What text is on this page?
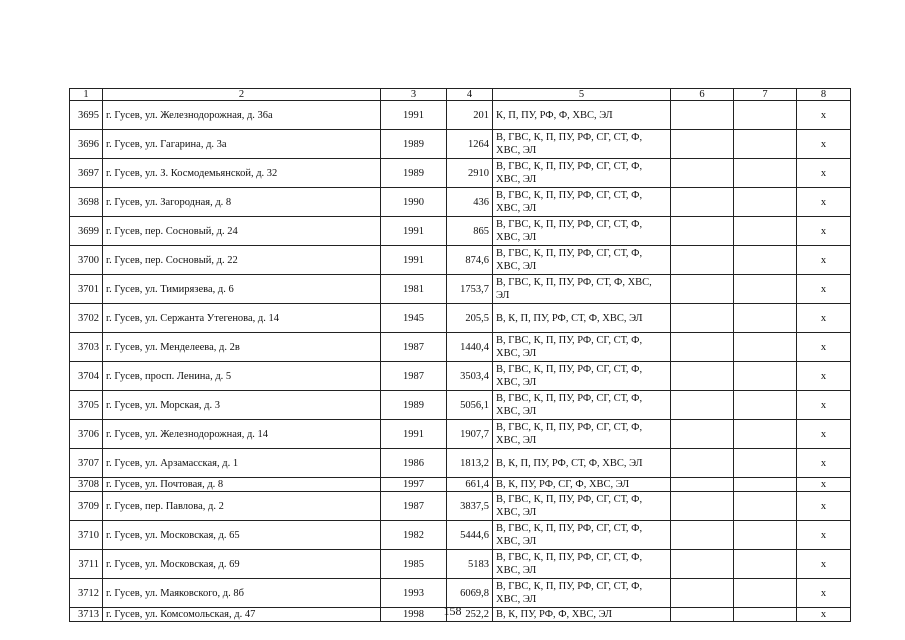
1	2	3	4	5	6	7	8
3695	г. Гусев, ул. Железнодорожная, д. 36а	1991	201	К, П, ПУ, РФ, Ф, ХВС, ЭЛ			x
3696	г. Гусев, ул. Гагарина, д. 3а	1989	1264	В, ГВС, К, П, ПУ, РФ, СГ, СТ, Ф, ХВС, ЭЛ			x
3697	г. Гусев, ул. З. Космодемьянской, д. 32	1989	2910	В, ГВС, К, П, ПУ, РФ, СГ, СТ, Ф, ХВС, ЭЛ			x
3698	г. Гусев, ул. Загородная, д. 8	1990	436	В, ГВС, К, П, ПУ, РФ, СГ, СТ, Ф, ХВС, ЭЛ			x
3699	г. Гусев, пер. Сосновый, д. 24	1991	865	В, ГВС, К, П, ПУ, РФ, СГ, СТ, Ф, ХВС, ЭЛ			x
3700	г. Гусев, пер. Сосновый, д. 22	1991	874,6	В, ГВС, К, П, ПУ, РФ, СГ, СТ, Ф, ХВС, ЭЛ			x
3701	г. Гусев, ул. Тимирязева, д. 6	1981	1753,7	В, ГВС, К, П, ПУ, РФ, СТ, Ф, ХВС, ЭЛ			x
3702	г. Гусев, ул. Сержанта Утегенова, д. 14	1945	205,5	В, К, П, ПУ, РФ, СТ, Ф, ХВС, ЭЛ			x
3703	г. Гусев, ул. Менделеева, д. 2в	1987	1440,4	В, ГВС, К, П, ПУ, РФ, СГ, СТ, Ф, ХВС, ЭЛ			x
3704	г. Гусев, просп. Ленина, д. 5	1987	3503,4	В, ГВС, К, П, ПУ, РФ, СГ, СТ, Ф, ХВС, ЭЛ			x
3705	г. Гусев, ул. Морская, д. 3	1989	5056,1	В, ГВС, К, П, ПУ, РФ, СГ, СТ, Ф, ХВС, ЭЛ			x
3706	г. Гусев, ул. Железнодорожная, д. 14	1991	1907,7	В, ГВС, К, П, ПУ, РФ, СГ, СТ, Ф, ХВС, ЭЛ			x
3707	г. Гусев, ул. Арзамасская, д. 1	1986	1813,2	В, К, П, ПУ, РФ, СТ, Ф, ХВС, ЭЛ			x
3708	г. Гусев, ул. Почтовая, д. 8	1997	661,4	В, К, ПУ, РФ, СГ, Ф, ХВС, ЭЛ			x
3709	г. Гусев, пер. Павлова, д. 2	1987	3837,5	В, ГВС, К, П, ПУ, РФ, СГ, СТ, Ф, ХВС, ЭЛ			x
3710	г. Гусев, ул. Московская, д. 65	1982	5444,6	В, ГВС, К, П, ПУ, РФ, СГ, СТ, Ф, ХВС, ЭЛ			x
3711	г. Гусев, ул. Московская, д. 69	1985	5183	В, ГВС, К, П, ПУ, РФ, СГ, СТ, Ф, ХВС, ЭЛ			x
3712	г. Гусев, ул. Маяковского, д. 8б	1993	6069,8	В, ГВС, К, П, ПУ, РФ, СГ, СТ, Ф, ХВС, ЭЛ			x
3713	г. Гусев, ул. Комсомольская, д. 47	1998	252,2	В, К, ПУ, РФ, Ф, ХВС, ЭЛ			x
158
